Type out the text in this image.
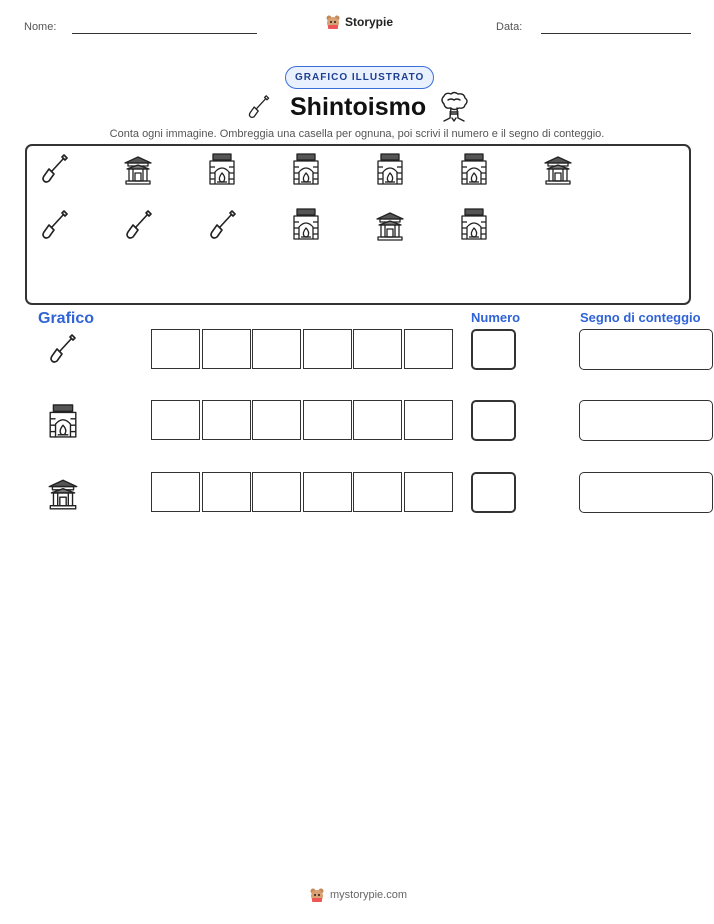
Nome:	Storypie	Data:
GRAFICO ILLUSTRATO
Shintoismo
Conta ogni immagine. Ombreggia una casella per ognuna, poi scrivi il numero e il segno di conteggio.
Grafico	Numero	Segno di conteggio
mystorypie.com
